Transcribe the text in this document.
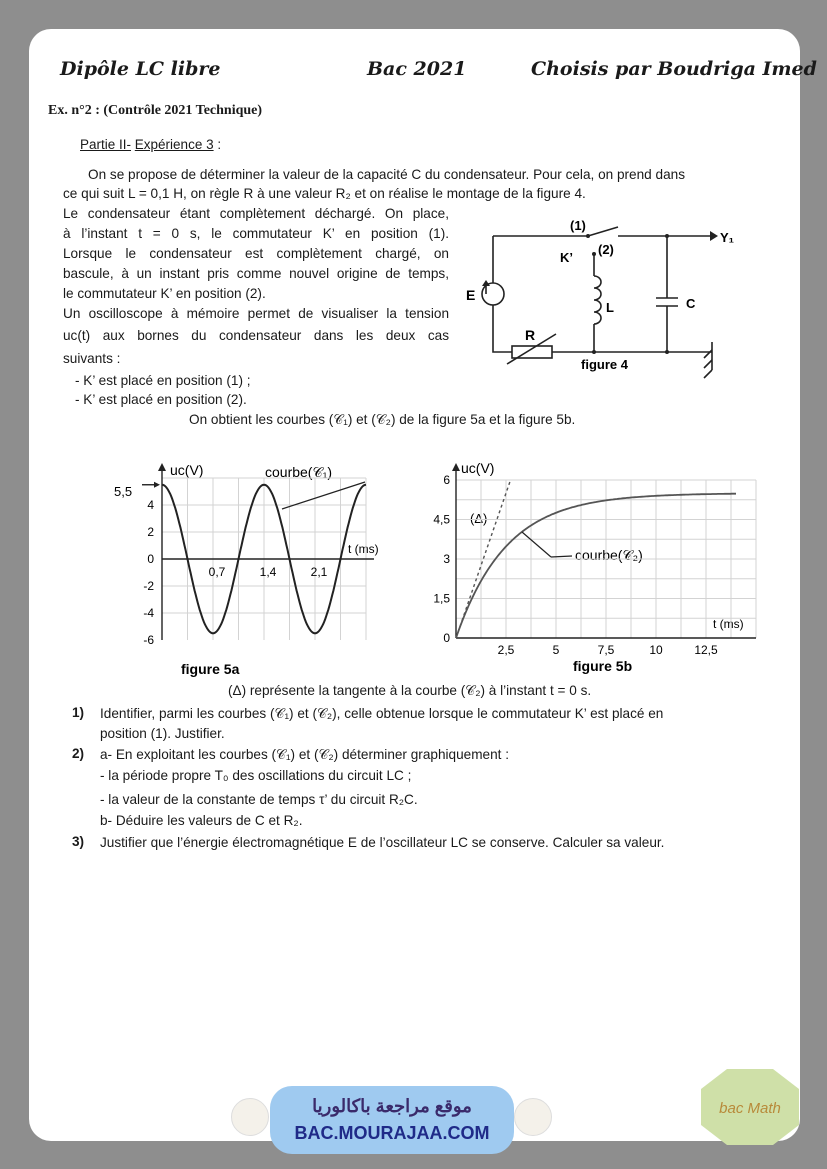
Dipôle LC libre	Bac 2021	Choisis par Boudriga Imed
Ex. n°2 : (Contrôle 2021 Technique)
Partie II- Expérience 3 :
On se propose de déterminer la valeur de la capacité C du condensateur. Pour cela, on prend dans
ce qui suit L = 0,1 H, on règle R à une valeur R₂ et on réalise le montage de la figure 4.
Le condensateur étant complètement déchargé. On place,
à l’instant t = 0 s, le commutateur K’ en position (1).
Lorsque le condensateur est complètement chargé, on
bascule, à un instant pris comme nouvel origine de temps,
le commutateur K’ en position (2).
Un oscilloscope à mémoire permet de visualiser la tension
uc(t) aux bornes du condensateur dans les deux cas
suivants :
- K’ est placé en position (1) ;
- K’ est placé en position (2).
On obtient les courbes (𝒞₁) et (𝒞₂) de la figure 5a et la figure 5b.
(1)
(2)
K’
E
R
L	C
Y₁
figure 4
uc(V)
t (ms)
courbe(𝒞₁)
5,5
figure 5a
4
2
0
-2
-4
-6
0,7	1,4	2,1
uc(V)
t (ms)
courbe(𝒞₂)
(Δ)
figure 5b
6
4,5
3
1,5
0
2,5	5	7,5	10	12,5
(Δ) représente la tangente à la courbe (𝒞₂) à l’instant t = 0 s.
1) Identifier, parmi les courbes (𝒞₁) et (𝒞₂), celle obtenue lorsque le commutateur K’ est placé en
position (1). Justifier.
2) a- En exploitant les courbes (𝒞₁) et (𝒞₂) déterminer graphiquement :
- la période propre T₀ des oscillations du circuit LC ;
- la valeur de la constante de temps τ’ du circuit R₂C.
b- Déduire les valeurs de C et R₂.
3) Justifier que l’énergie électromagnétique E de l’oscillateur LC se conserve. Calculer sa valeur.
موقع مراجعة باكالوريا
BAC.MOURAJAA.COM
bac Math
